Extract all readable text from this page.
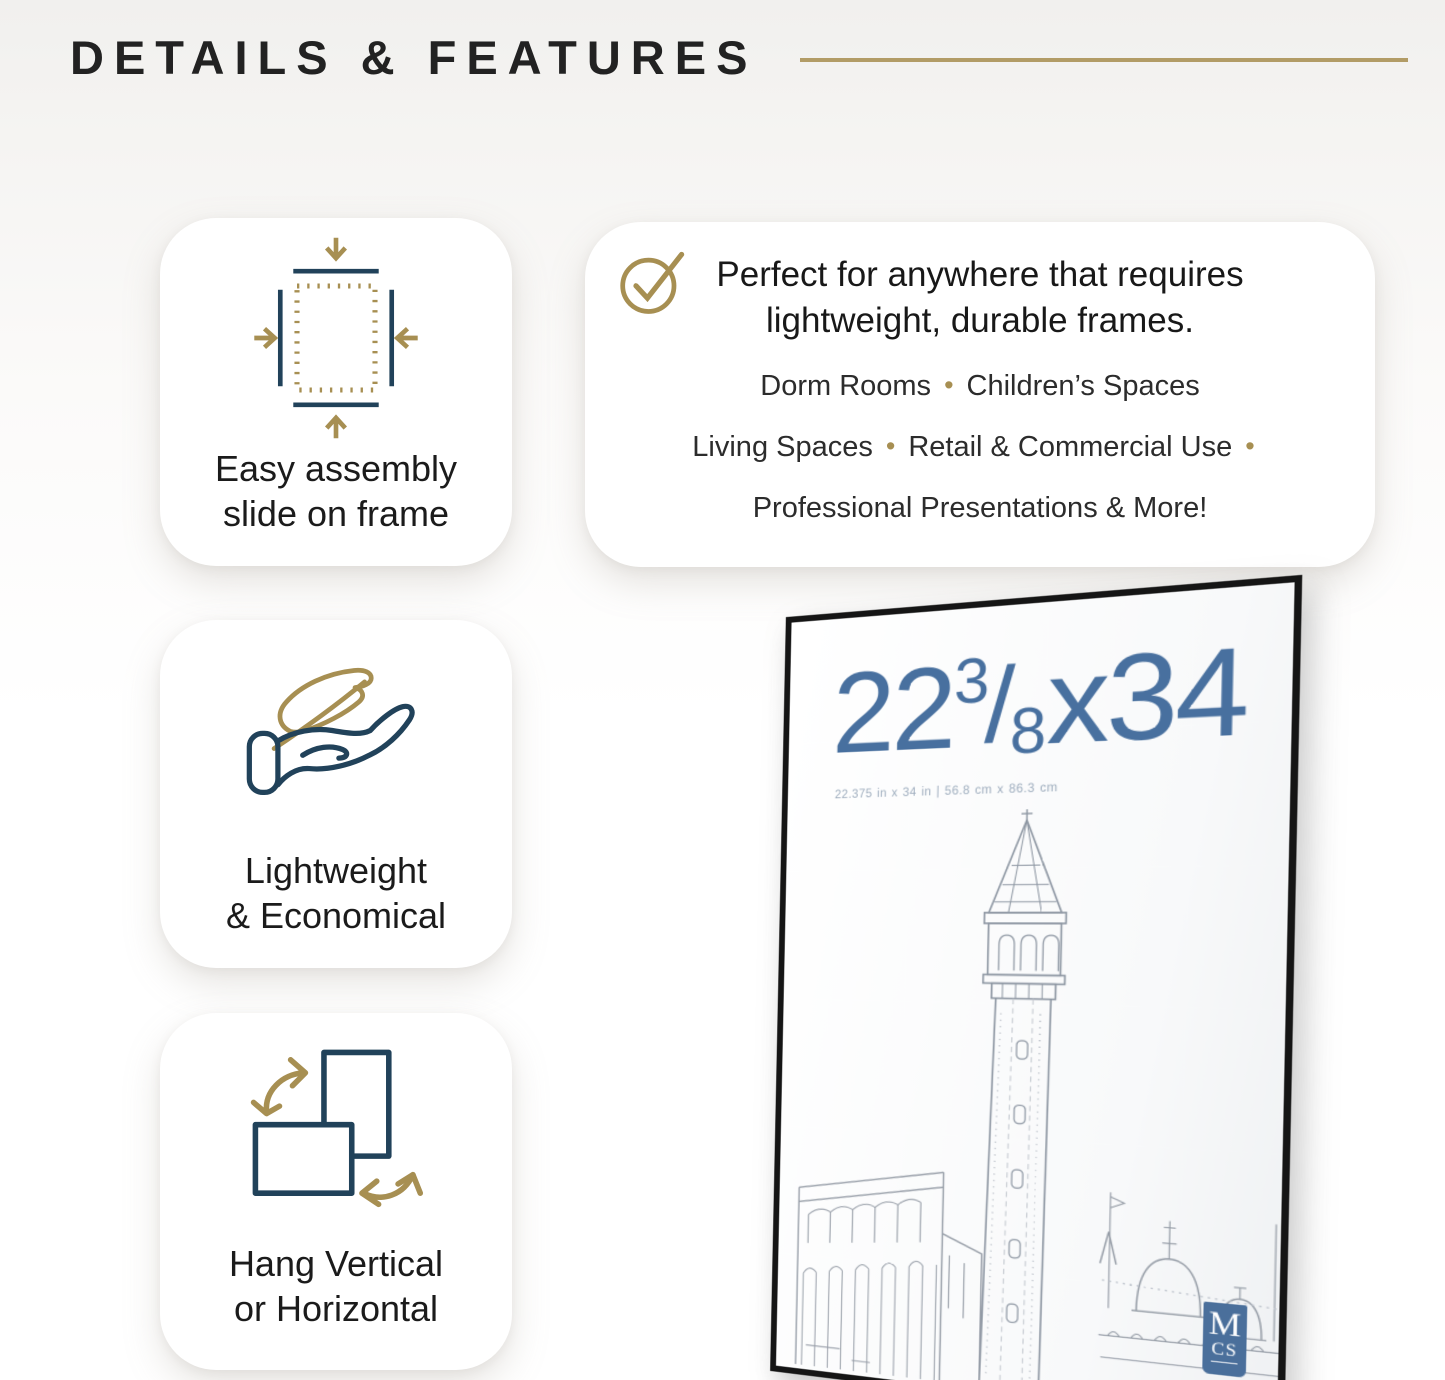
DETAILS & FEATURES
Easy assembly
slide on frame
Lightweight
& Economical
Hang Vertical
or Horizontal
Perfect for anywhere that requires
lightweight, durable frames.
Dorm Rooms • Children’s Spaces
Living Spaces • Retail & Commercial Use •
Professional Presentations & More!
22
3
/
8
x34
22.375 in x 34 in | 56.8 cm x 86.3 cm
M
CS
